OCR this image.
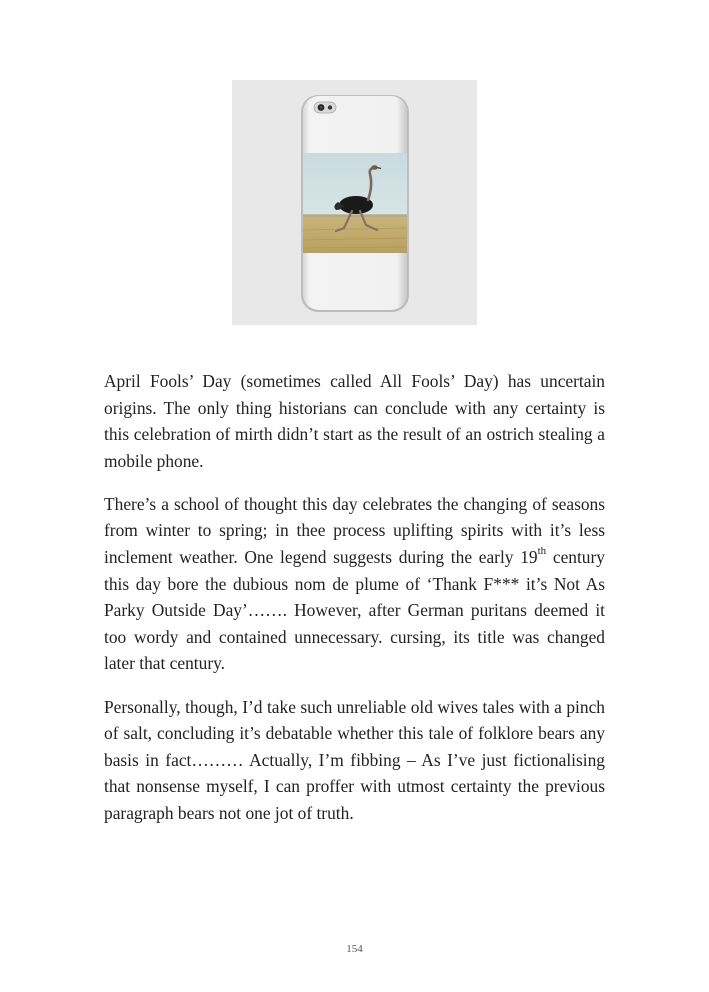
April Fools’ Day (sometimes called All Fools’ Day) has uncertain origins. The only thing historians can conclude with any certainty is this celebration of mirth didn’t start as the result of an ostrich stealing a mobile phone.

There’s a school of thought this day celebrates the changing of seasons from winter to spring; in thee process uplifting spirits with it’s less inclement weather. One legend suggests during the early 19th century this day bore the dubious nom de plume of ‘Thank F*** it’s Not As Parky Outside Day’……. However, after German puritans deemed it too wordy and contained unnecessary. cursing, its title was changed later that century.

Personally, though, I’d take such unreliable old wives tales with a pinch of salt, concluding it’s debatable whether this tale of folklore bears any basis in fact……… Actually, I’m fibbing – As I’ve just fictionalising that nonsense myself, I can proffer with utmost certainty the previous paragraph bears not one jot of truth.

154
